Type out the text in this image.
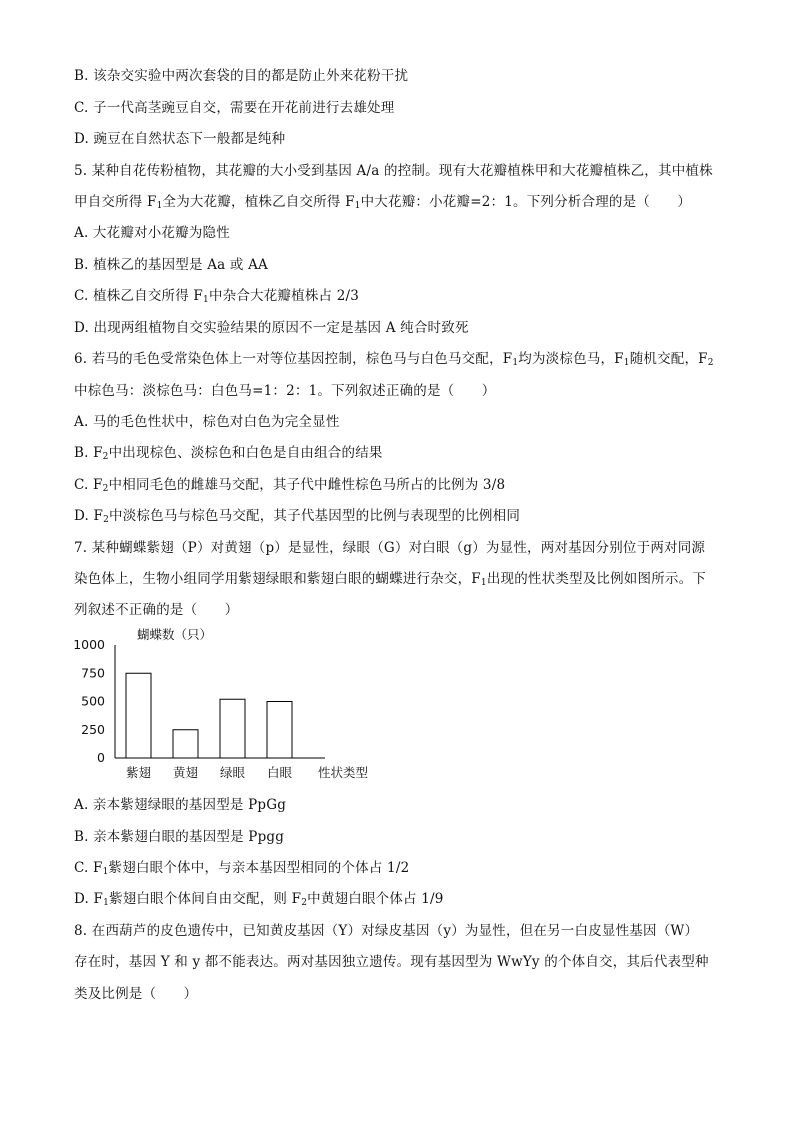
B. 该杂交实验中两次套袋的目的都是防止外来花粉干扰
C. 子一代高茎豌豆自交，需要在开花前进行去雄处理
D. 豌豆在自然状态下一般都是纯种
5. 某种自花传粉植物，其花瓣的大小受到基因 A/a 的控制。现有大花瓣植株甲和大花瓣植株乙，其中植株
甲自交所得 $F_1$全为大花瓣，植株乙自交所得 $F_1$中大花瓣：小花瓣=2：1。下列分析合理的是（　　）
A. 大花瓣对小花瓣为隐性
B. 植株乙的基因型是 Aa 或 AA
C. 植株乙自交所得 $F_1$中杂合大花瓣植株占 2/3
D. 出现两组植物自交实验结果的原因不一定是基因 A 纯合时致死
6. 若马的毛色受常染色体上一对等位基因控制，棕色马与白色马交配，$F_1$均为淡棕色马，$F_1$随机交配，$F_2$
中棕色马：淡棕色马：白色马=1：2：1。下列叙述正确的是（　　）
A. 马的毛色性状中，棕色对白色为完全显性
B. $F_2$中出现棕色、淡棕色和白色是自由组合的结果
C. $F_2$中相同毛色的雌雄马交配，其子代中雌性棕色马所占的比例为 3/8
D. $F_2$中淡棕色马与棕色马交配，其子代基因型的比例与表现型的比例相同
7. 某种蝴蝶紫翅（P）对黄翅（p）是显性，绿眼（G）对白眼（g）为显性，两对基因分别位于两对同源
染色体上，生物小组同学用紫翅绿眼和紫翅白眼的蝴蝶进行杂交，$F_1$出现的性状类型及比例如图所示。下
列叙述不正确的是（　　）
蝴蝶数（只）
0
250
500
750
1000
紫翅 黄翅 绿眼 白眼 性状类型
A. 亲本紫翅绿眼的基因型是 PpGg
B. 亲本紫翅白眼的基因型是 Ppgg
C. $F_1$紫翅白眼个体中，与亲本基因型相同的个体占 1/2
D. $F_1$紫翅白眼个体间自由交配，则 $F_2$中黄翅白眼个体占 1/9
8. 在西葫芦的皮色遗传中，已知黄皮基因（Y）对绿皮基因（y）为显性，但在另一白皮显性基因（W）
存在时，基因 Y 和 y 都不能表达。两对基因独立遗传。现有基因型为 WwYy 的个体自交，其后代表型种
类及比例是（　　）
